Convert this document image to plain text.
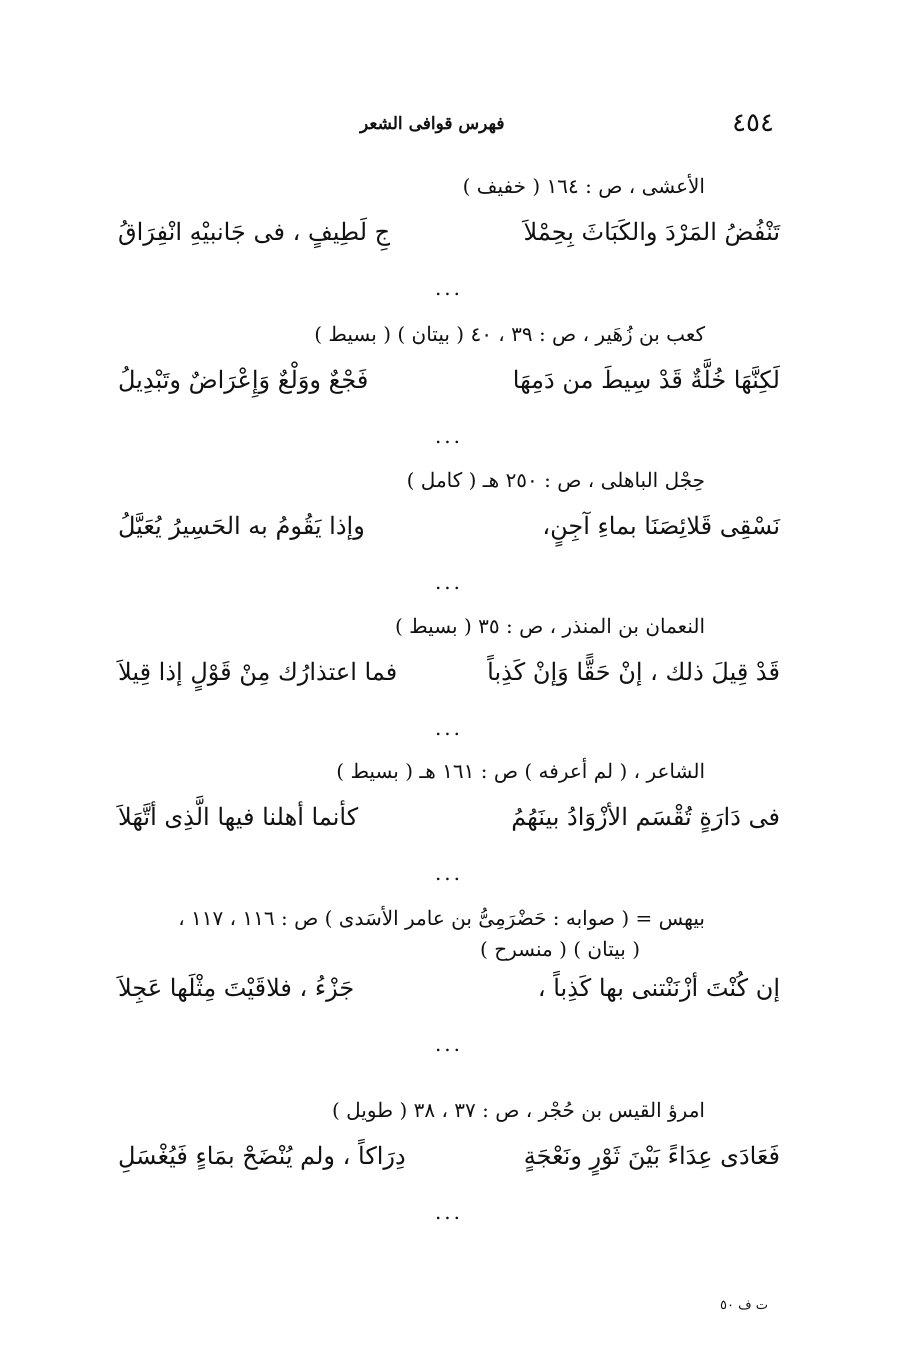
٤٥٤
فهرس قوافى الشعر
الأعشى ، ص : ١٦٤ ( خفيف )
تَنْفُضُ المَرْدَ والكَبَاثَ بِحِمْلاَ
جِ لَطِيفٍ ، فى جَانبيْهِ انْفِرَاقُ
...
كعب بن زُهَير ، ص : ٣٩ ، ٤٠ ( بيتان ) ( بسيط )
لَكِنَّهَا خُلَّةٌ قَدْ سِيطَ من دَمِهَا
فَجْعٌ ووَلْعٌ وَإِعْرَاضٌ وتَبْدِيلُ
...
حِجْل الباهلى ، ص : ٢٥٠ هـ ( كامل )
نَسْقِى قَلائِصَنَا بماءِ آجِنٍ،
وإذا يَقُومُ به الحَسِيرُ يُعَيَّلُ
...
النعمان بن المنذر ، ص : ٣٥ ( بسيط )
قَدْ قِيلَ ذلك ، إنْ حَقًّا وَإنْ كَذِباً
فما اعتذارُك مِنْ قَوْلٍ إذا قِيلاَ
...
الشاعر ، ( لم أعرفه ) ص : ١٦١ هـ ( بسيط )
فى دَارَةٍ تُقْسَم الأزْوَادُ بينَهُمُ
كأنما أهلنا فيها الَّذِى أتَّهَلاَ
...
بيهس = ( صوابه : حَضْرَمِىُّ بن عامر الأسَدى ) ص : ١١٦ ، ١١٧ ،
( بيتان ) ( منسرح )
إن كُنْتَ أزْنَنْتنى بها كَذِباً ،
جَزْءُ ، فلاقَيْتَ مِثْلَها عَجِلاَ
...
امرؤ القيس بن حُجْر ، ص : ٣٧ ، ٣٨ ( طويل )
فَعَادَى عِدَاءً بَيْنَ ثَوْرٍ ونَعْجَةٍ
دِرَاكاً ، ولم يُنْضَحْ بمَاءٍ فَيُغْسَلِ
...
ت ف ٥٠
